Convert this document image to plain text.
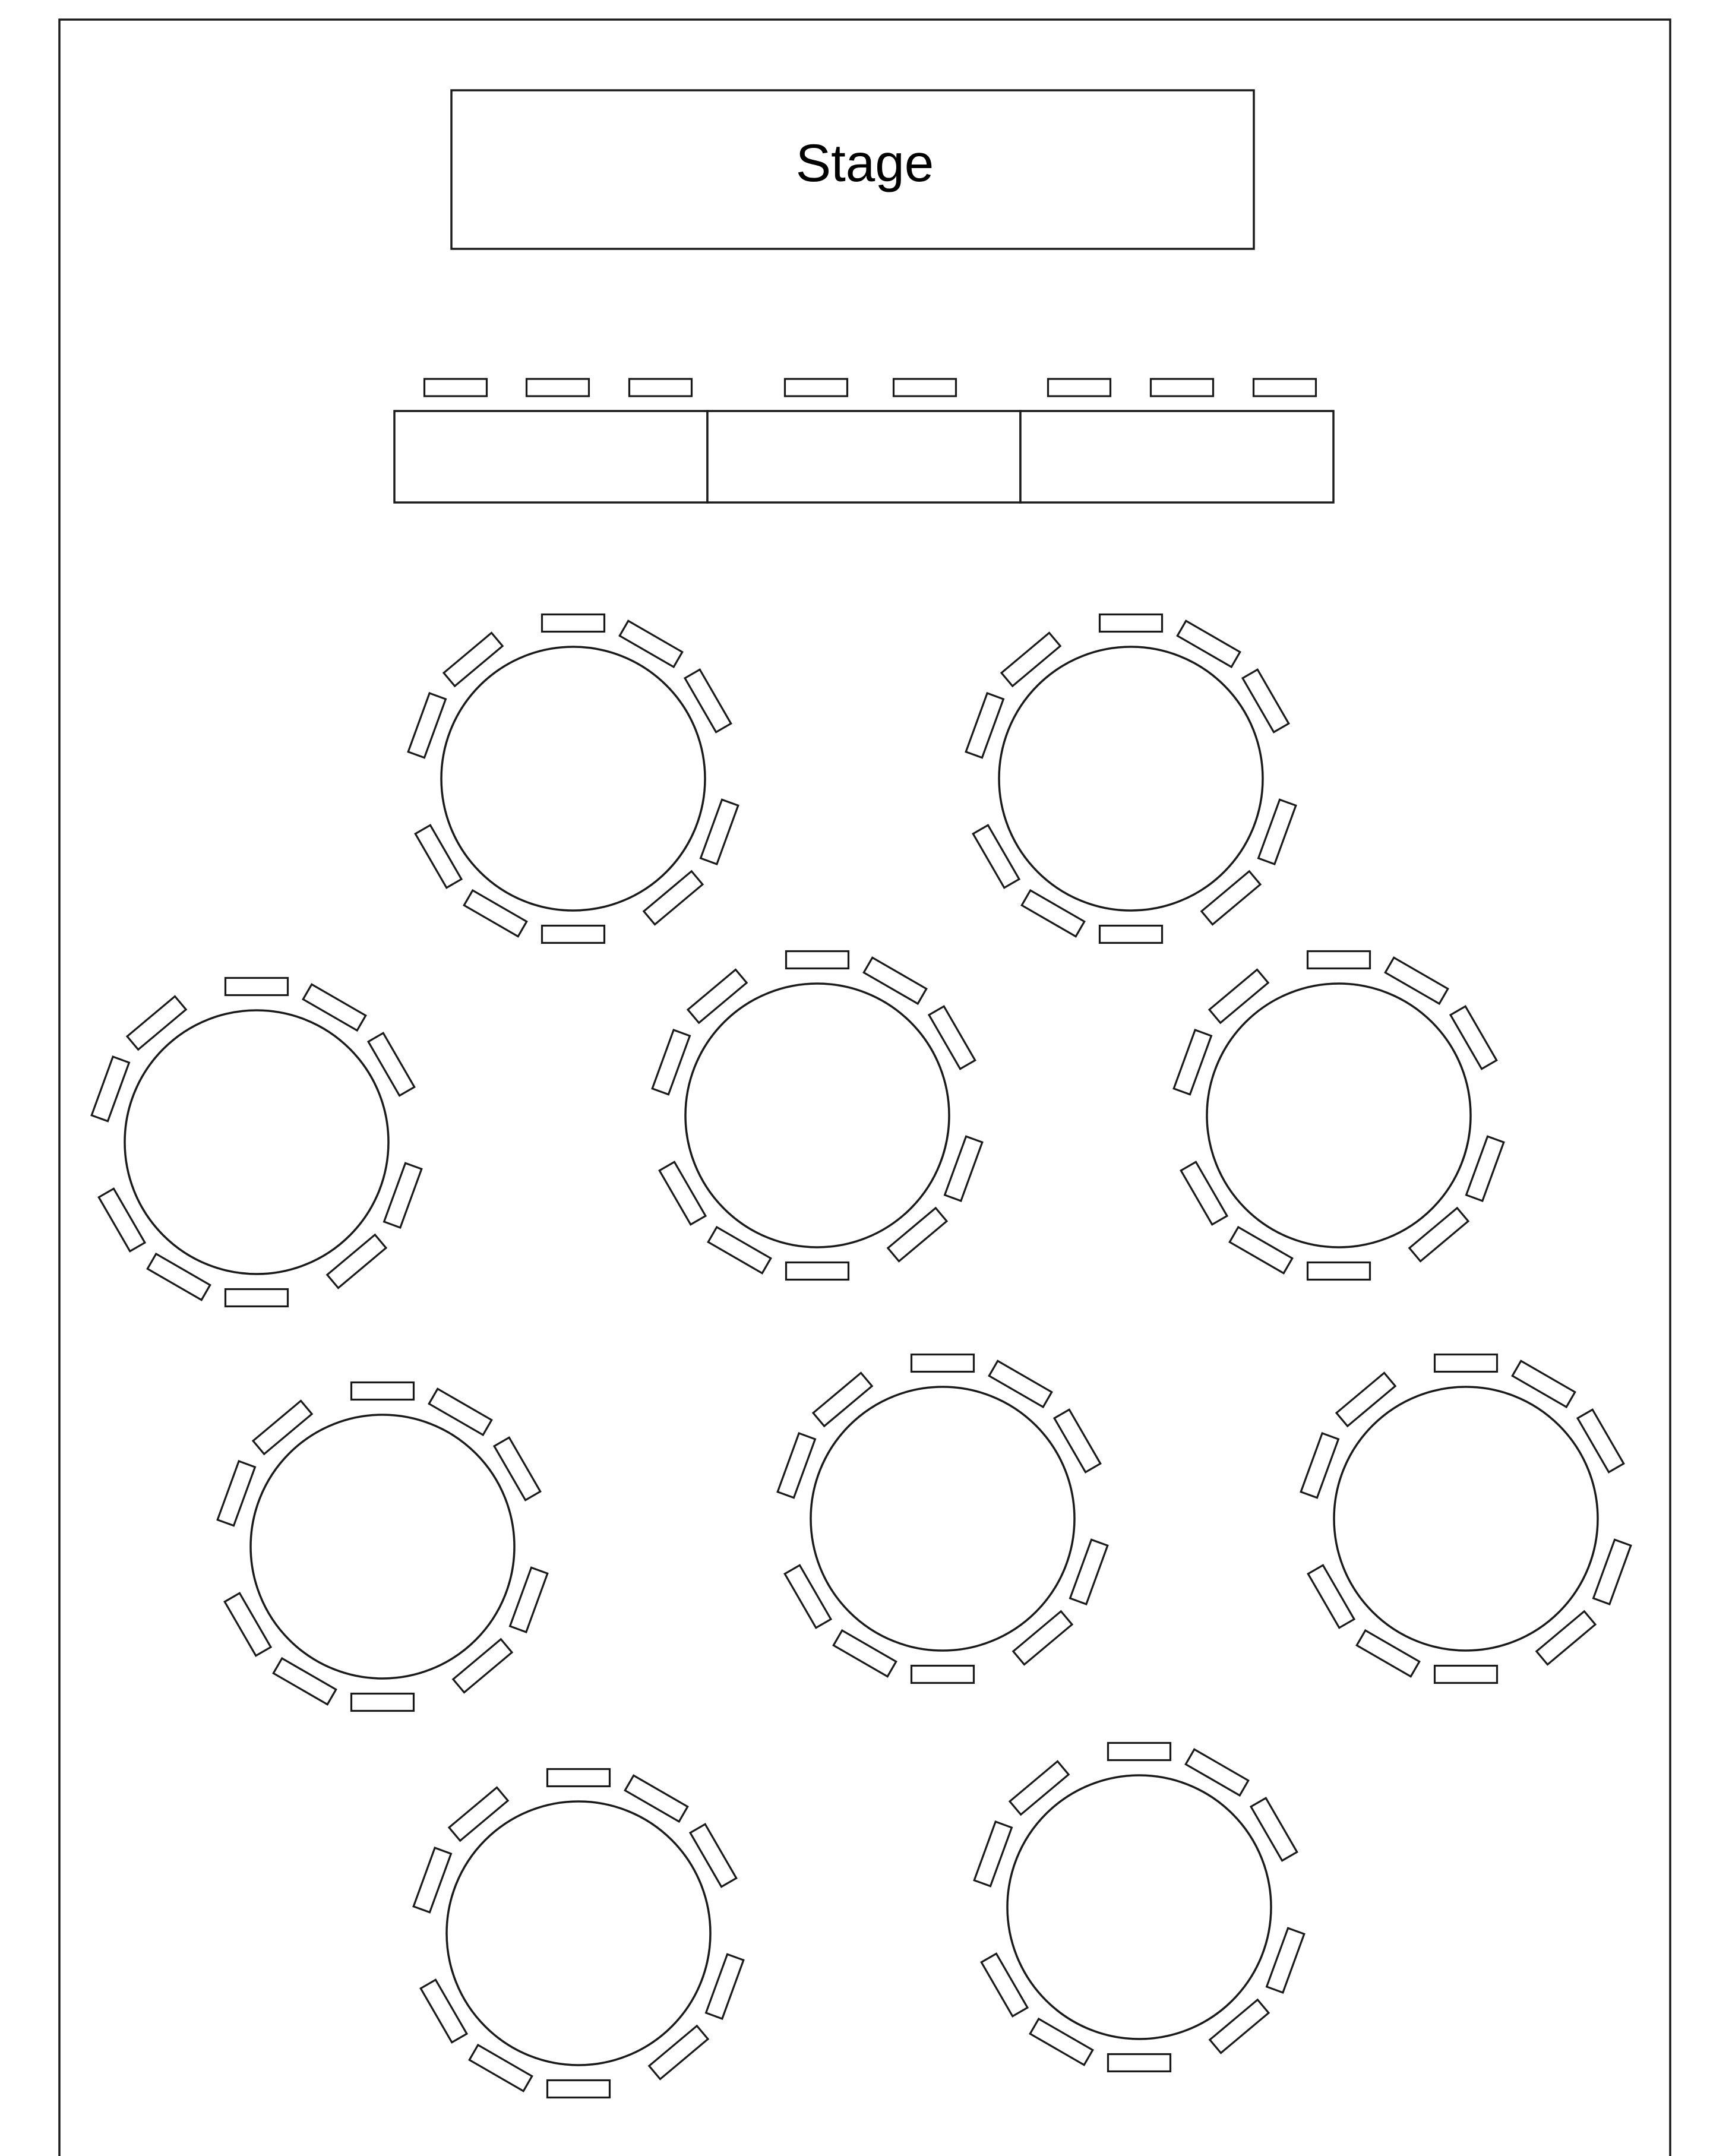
Stage
